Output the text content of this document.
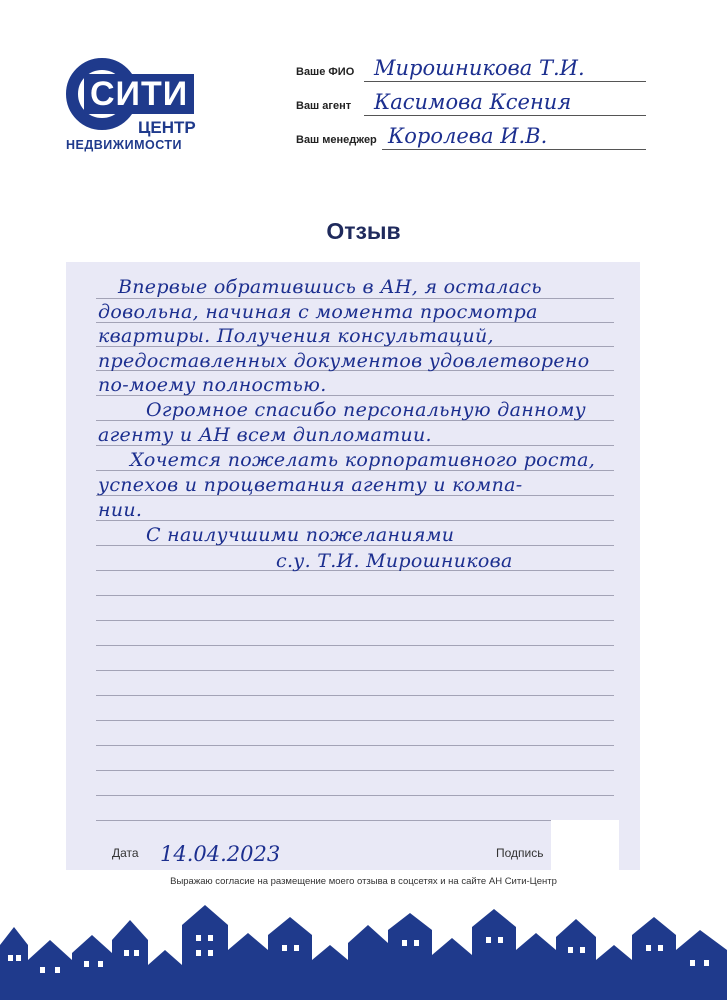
СИТИ
ЦЕНТР
НЕДВИЖИМОСТИ
Ваше ФИО Мирошникова Т.И.
Ваш агент Касимова Ксения
Ваш менеджер Королева И.В.
Отзыв
Впервые обратившись в АН, я осталась
довольна, начиная с момента просмотра
квартиры. Получения консультаций,
предоставленных документов удовлетворено
по-моему полностью.
Огромное спасибо персональную данному
агенту и АН всем дипломатии.
Хочется пожелать корпоративного роста,
успехов и процветания агенту и компа-
нии.
С наилучшими пожеланиями
с.у. Т.И. Мирошникова
Дата 14.04.2023	Подпись
Выражаю согласие на размещение моего отзыва в соцсетях и на сайте АН Сити-Центр
